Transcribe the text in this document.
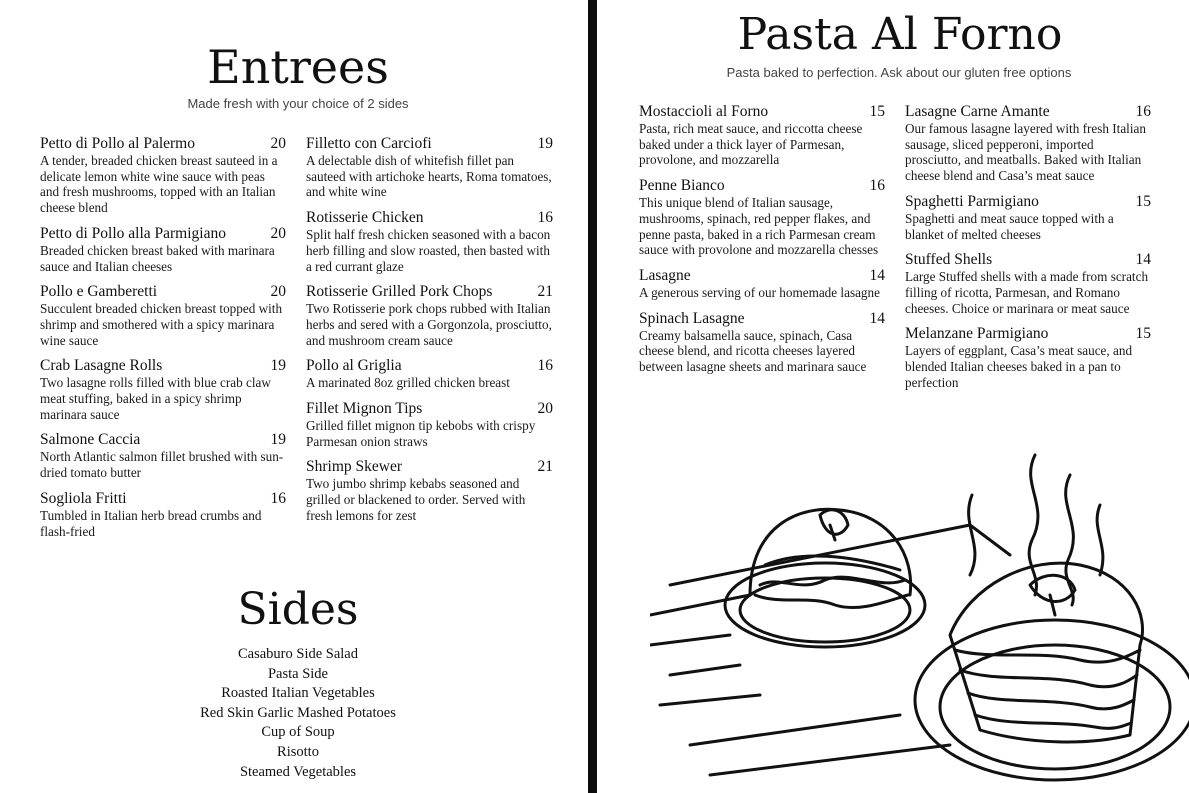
Entrees
Made fresh with your choice of 2 sides
Petto di Pollo al Palermo	20
A tender, breaded chicken breast sauteed in a delicate lemon white wine sauce with peas and fresh mushrooms, topped with an Italian cheese blend
Petto di Pollo alla Parmigiano	20
Breaded chicken breast baked with marinara sauce and Italian cheeses
Pollo e Gamberetti	20
Succulent breaded chicken breast topped with shrimp and smothered with a spicy marinara wine sauce
Crab Lasagne Rolls	19
Two lasagne rolls filled with blue crab claw meat stuffing, baked in a spicy shrimp marinara sauce
Salmone Caccia	19
North Atlantic salmon fillet brushed with sun-dried tomato butter
Sogliola Fritti	16
Tumbled in Italian herb bread crumbs and flash-fried
Filletto con Carciofi	19
A delectable dish of whitefish fillet pan sauteed with artichoke hearts, Roma tomatoes, and white wine
Rotisserie Chicken	16
Split half fresh chicken seasoned with a bacon herb filling and slow roasted, then basted with a red currant glaze
Rotisserie Grilled Pork Chops	21
Two Rotisserie pork chops rubbed with Italian herbs and sered with a Gorgonzola, prosciutto, and mushroom cream sauce
Pollo al Griglia	16
A marinated 8oz grilled chicken breast
Fillet Mignon Tips	20
Grilled fillet mignon tip kebobs with crispy Parmesan onion straws
Shrimp Skewer	21
Two jumbo shrimp kebabs seasoned and grilled or blackened to order. Served with fresh lemons for zest
Sides
Casaburo Side Salad
Pasta Side
Roasted Italian Vegetables
Red Skin Garlic Mashed Potatoes
Cup of Soup
Risotto
Steamed Vegetables
Pasta Al Forno
Pasta baked to perfection. Ask about our gluten free options
Mostaccioli al Forno	15
Pasta, rich meat sauce, and riccotta cheese baked under a thick layer of Parmesan, provolone, and mozzarella
Penne Bianco	16
This unique blend of Italian sausage, mushrooms, spinach, red pepper flakes, and penne pasta, baked in a rich Parmesan cream sauce with provolone and mozzarella chesses
Lasagne	14
A generous serving of our homemade lasagne
Spinach Lasagne	14
Creamy balsamella sauce, spinach, Casa cheese blend, and ricotta cheeses layered between lasagne sheets and marinara sauce
Lasagne Carne Amante	16
Our famous lasagne layered with fresh Italian sausage, sliced pepperoni, imported prosciutto, and meatballs. Baked with Italian cheese blend and Casa’s meat sauce
Spaghetti Parmigiano	15
Spaghetti and meat sauce topped with a blanket of melted cheeses
Stuffed Shells	14
Large Stuffed shells with a made from scratch filling of ricotta, Parmesan, and Romano cheeses. Choice or marinara or meat sauce
Melanzane Parmigiano	15
Layers of eggplant, Casa’s meat sauce, and blended Italian cheeses baked in a pan to perfection
